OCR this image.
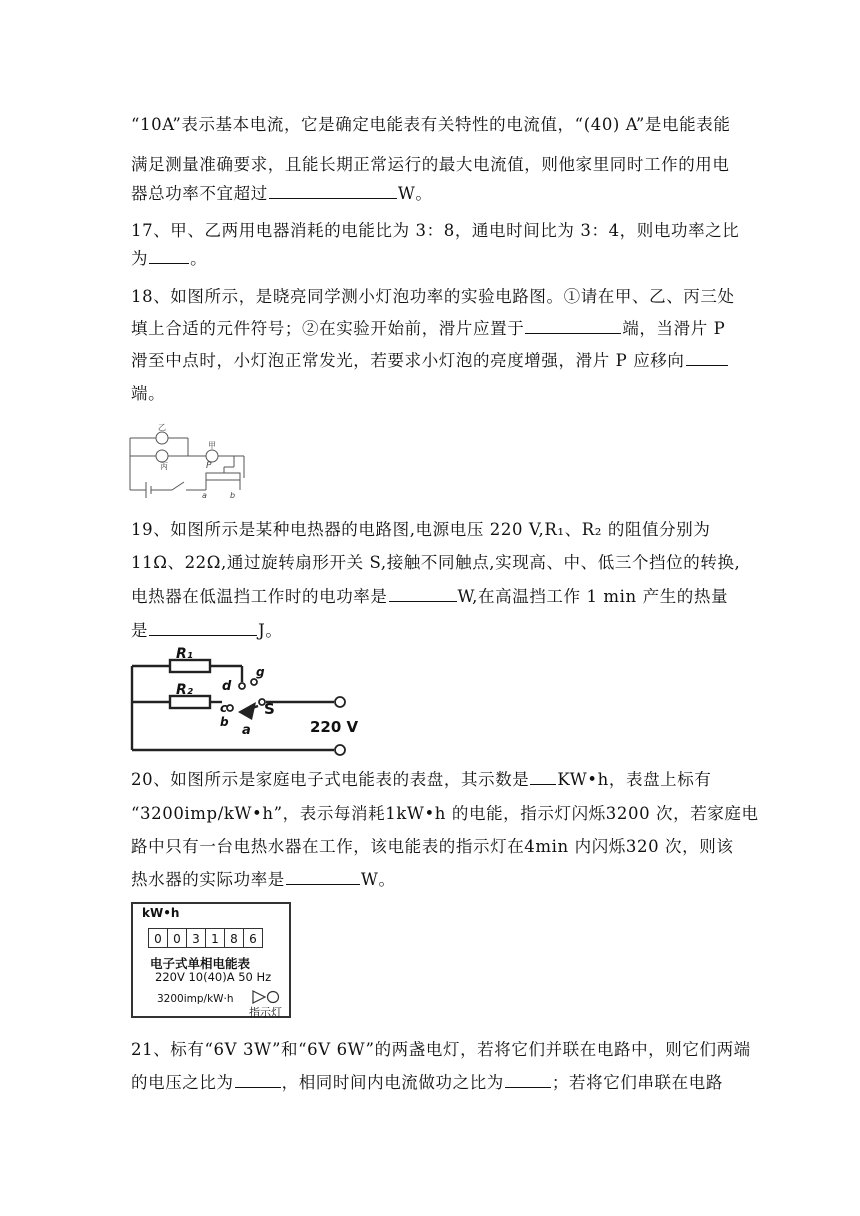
“10A”表示基本电流，它是确定电能表有关特性的电流值，“(40) A”是电能表能
满足测量准确要求，且能长期正常运行的最大电流值，则他家里同时工作的用电
器总功率不宜超过	W。
17、甲、乙两用电器消耗的电能比为 3：8，通电时间比为 3：4，则电功率之比
为	。
18、如图所示，是晓亮同学测小灯泡功率的实验电路图。①请在甲、乙、丙三处
填上合适的元件符号；②在实验开始前，滑片应置于	端，当滑片 P
滑至中点时，小灯泡正常发光，若要求小灯泡的亮度增强，滑片 P 应移向
端。
乙
甲
丙	P
a	b
19、如图所示是某种电热器的电路图,电源电压 220 V,R₁、R₂ 的阻值分别为
11Ω、22Ω,通过旋转扇形开关 S,接触不同触点,实现高、中、低三个挡位的转换,
电热器在低温挡工作时的电功率是	W,在高温挡工作 1 min 产生的热量
是	J。
R₁
R₂ d
g
c
b
a
S
220 V
20、如图所示是家庭电子式电能表的表盘，其示数是 KW•h，表盘上标有
“3200imp/kW•h”，表示每消耗1kW•h 的电能，指示灯闪烁3200 次，若家庭电
路中只有一台电热水器在工作，该电能表的指示灯在4min 内闪烁320 次，则该
热水器的实际功率是	W。
kW•h
0 0 3 1 8 6
电子式单相电能表
220V 10(40)A 50 Hz
3200imp/kW·h
指示灯
21、标有“6V 3W”和“6V 6W”的两盏电灯，若将它们并联在电路中，则它们两端
的电压之比为	，相同时间内电流做功之比为	；若将它们串联在电路
